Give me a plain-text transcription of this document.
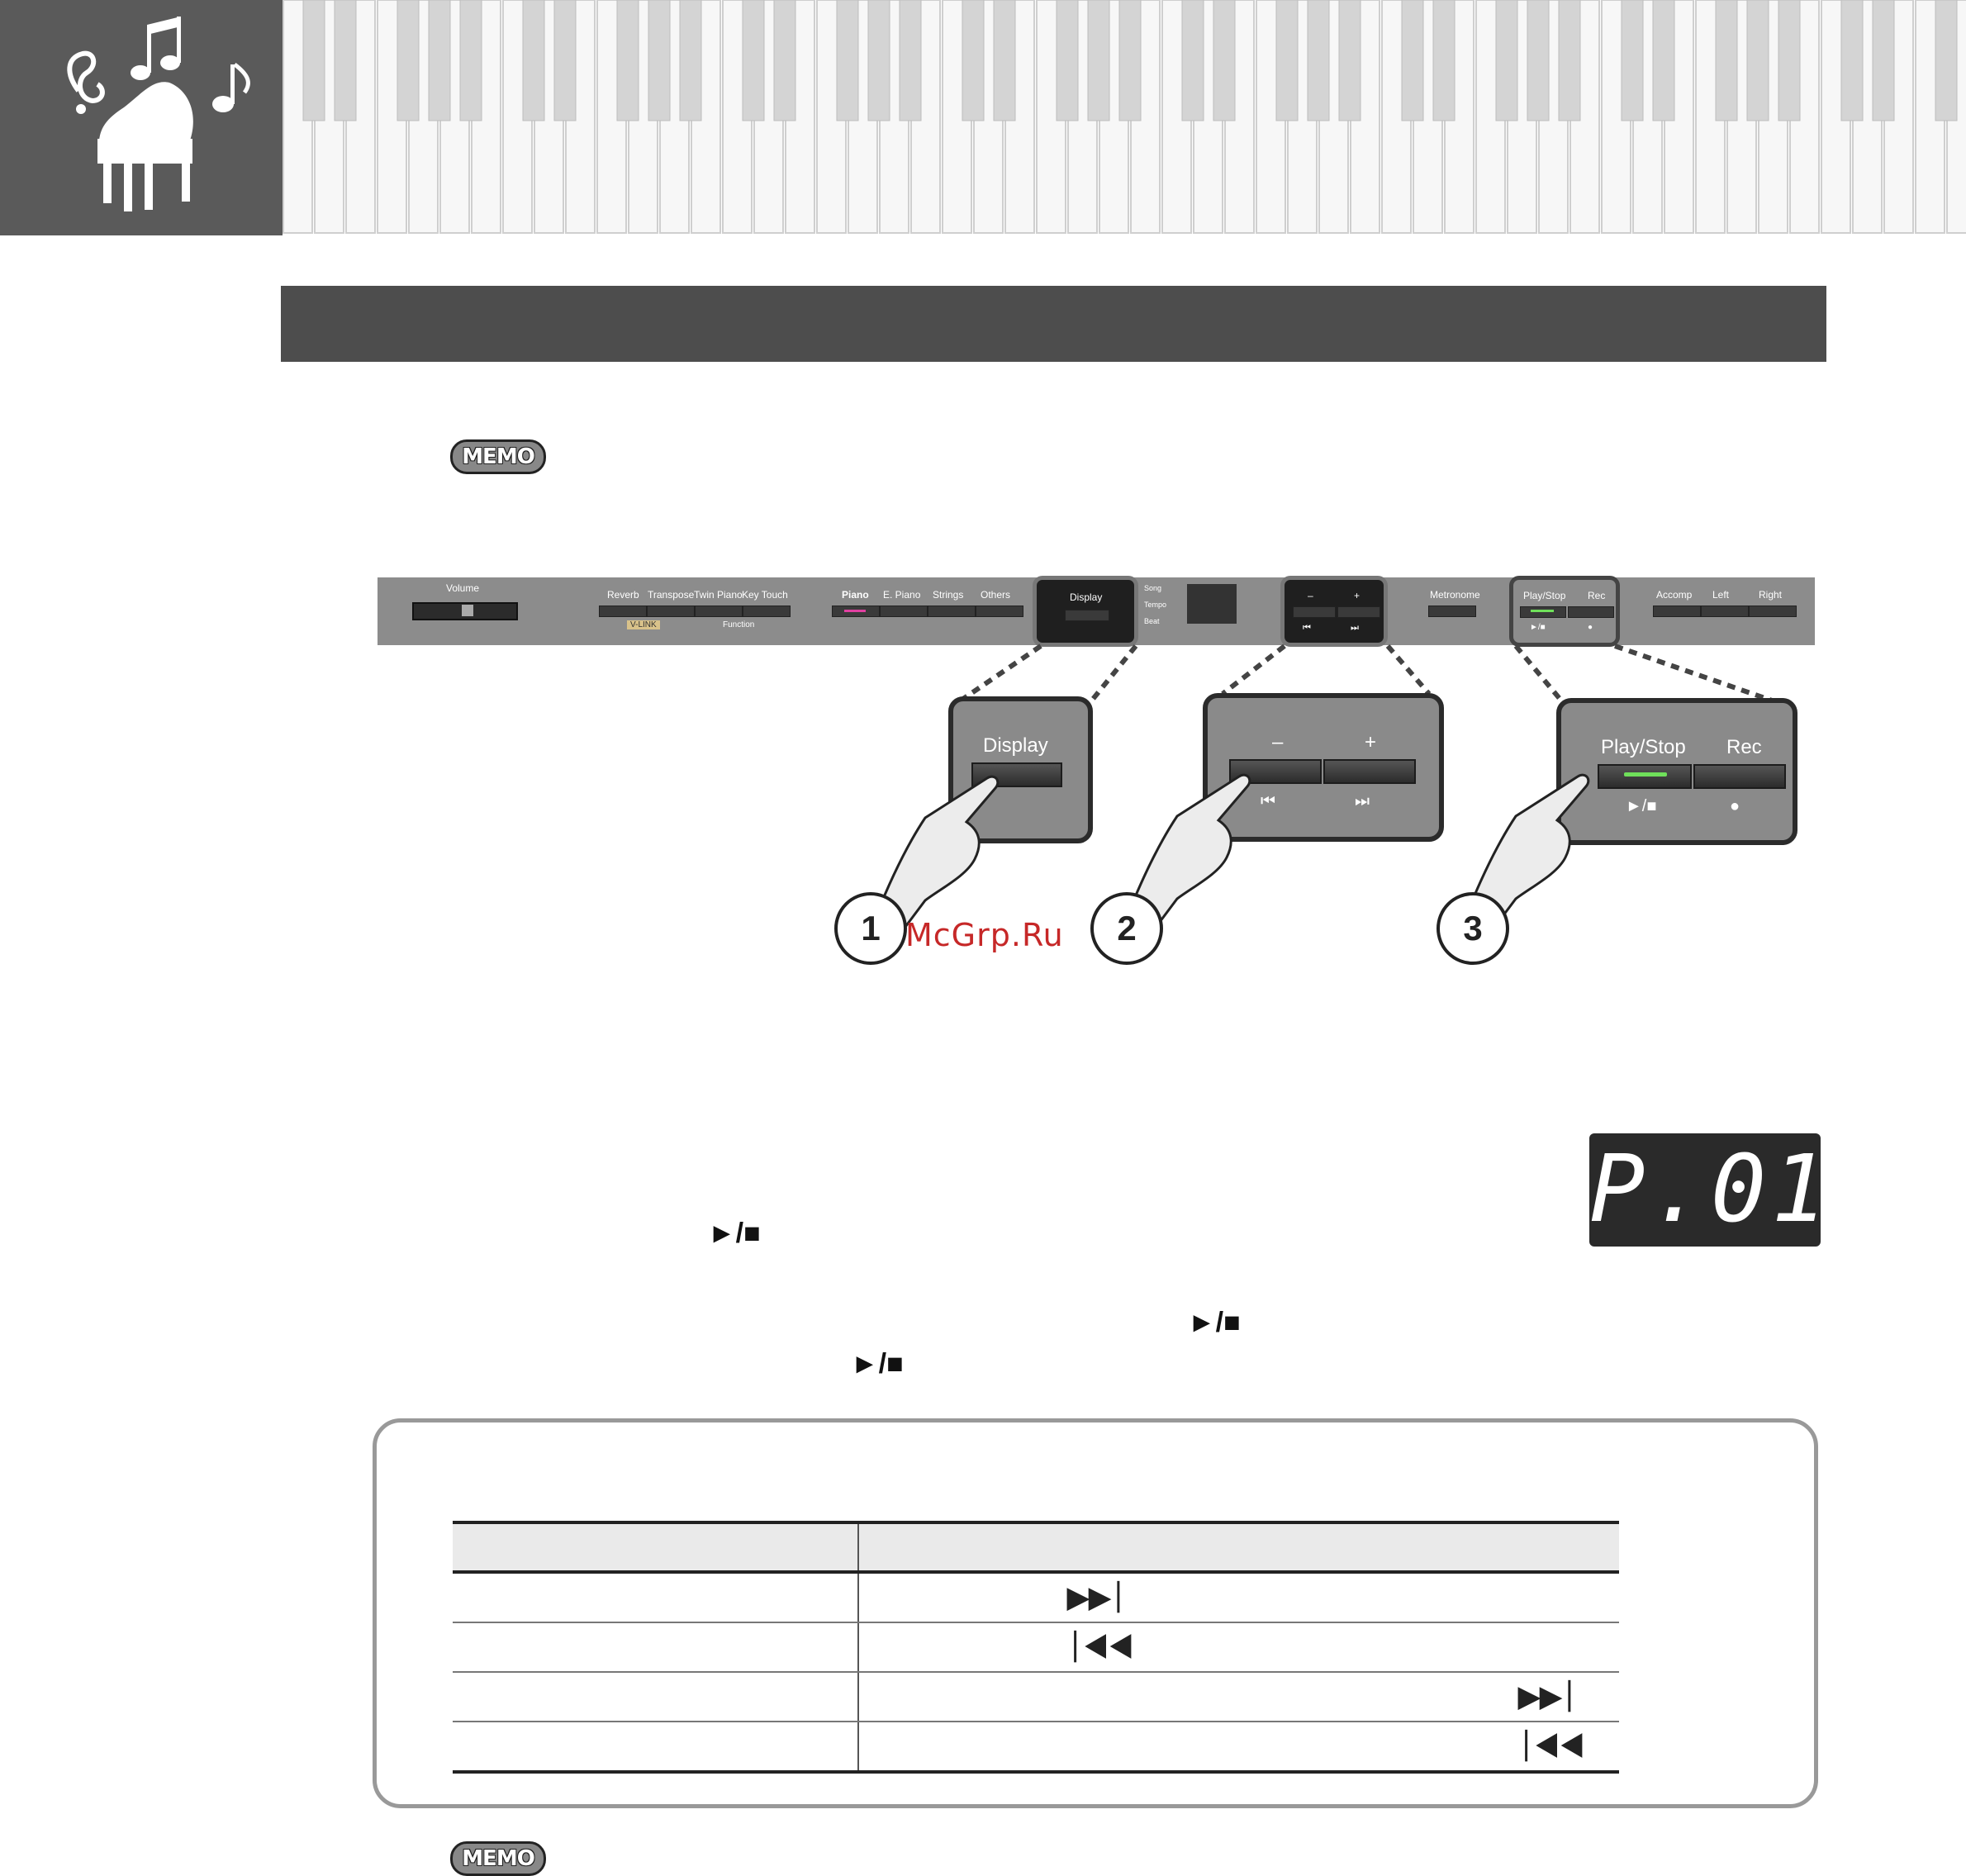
MEMO
Volume
Reverb Transpose Twin Piano Key Touch
V-LINK	Function
Piano E. Piano Strings Others	Display
Song
Tempo
Beat
–	+
⏮	⏭
Metronome	Play/Stop Rec
►/■	●
Accomp Left	Right
Display	–	+
⏮	⏭
Play/Stop Rec
►/■	●
1	2	3
McGrp.Ru
P.01
►/■
►/■
►/■

	▶▶⏐
	⏐◀◀
	▶▶⏐
	⏐◀◀
MEMO
